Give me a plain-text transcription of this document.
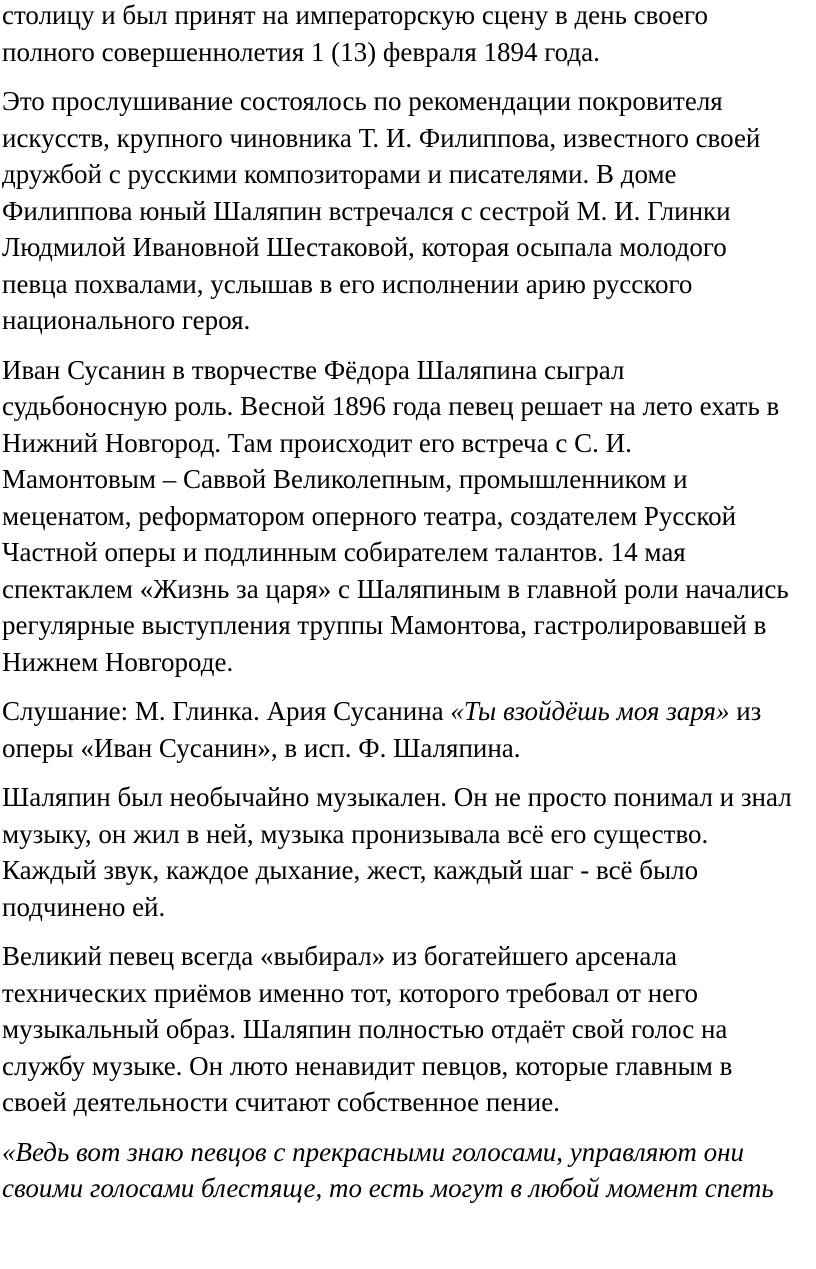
столицу и был принят на императорскую сцену в день своего
полного совершеннолетия 1 (13) февраля 1894 года.

Это прослушивание состоялось по рекомендации покровителя
искусств, крупного чиновника Т. И. Филиппова, известного своей
дружбой с русскими композиторами и писателями. В доме
Филиппова юный Шаляпин встречался с сестрой М. И. Глинки
Людмилой Ивановной Шестаковой, которая осыпала молодого
певца похвалами, услышав в его исполнении арию русского
национального героя.

Иван Сусанин в творчестве Фёдора Шаляпина сыграл
судьбоносную роль. Весной 1896 года певец решает на лето ехать в
Нижний Новгород. Там происходит его встреча с С. И.
Мамонтовым – Саввой Великолепным, промышленником и
меценатом, реформатором оперного театра, создателем Русской
Частной оперы и подлинным собирателем талантов. 14 мая
спектаклем «Жизнь за царя» с Шаляпиным в главной роли начались
регулярные выступления труппы Мамонтова, гастролировавшей в
Нижнем Новгороде.

Слушание: М. Глинка. Ария Сусанина «Ты взойдёшь моя заря» из
оперы «Иван Сусанин», в исп. Ф. Шаляпина.

Шаляпин был необычайно музыкален. Он не просто понимал и знал
музыку, он жил в ней, музыка пронизывала всё его существо.
Каждый звук, каждое дыхание, жест, каждый шаг - всё было
подчинено ей.

Великий певец всегда «выбирал» из богатейшего арсенала
технических приёмов именно тот, которого требовал от него
музыкальный образ. Шаляпин полностью отдаёт свой голос на
службу музыке. Он люто ненавидит певцов, которые главным в
своей деятельности считают собственное пение.

«Ведь вот знаю певцов с прекрасными голосами, управляют они
своими голосами блестяще, то есть могут в любой момент спеть
